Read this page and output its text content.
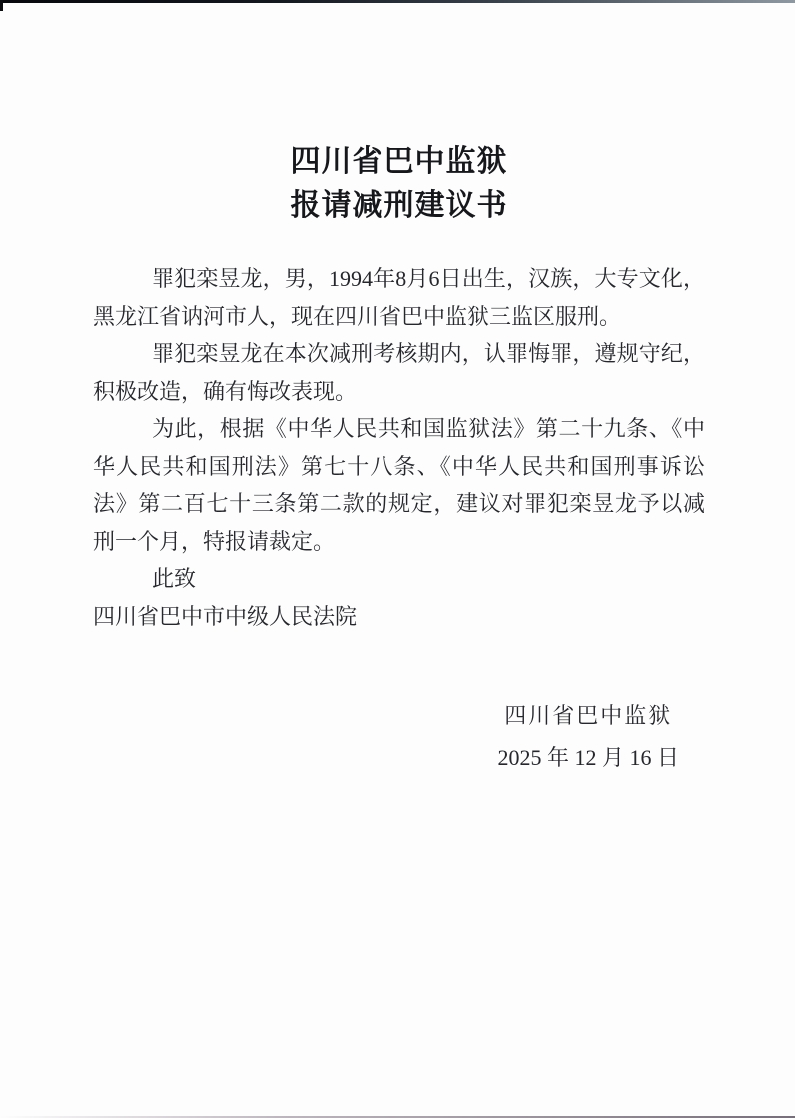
四川省巴中监狱
报请减刑建议书

罪犯栾昱龙，男，1994年8月6日出生，汉族，大专文化，黑龙江省讷河市人，现在四川省巴中监狱三监区服刑。

罪犯栾昱龙在本次减刑考核期内，认罪悔罪，遵规守纪，积极改造，确有悔改表现。

为此，根据《中华人民共和国监狱法》第二十九条、《中华人民共和国刑法》第七十八条、《中华人民共和国刑事诉讼法》第二百七十三条第二款的规定，建议对罪犯栾昱龙予以减刑一个月，特报请裁定。

此致

四川省巴中市中级人民法院

四川省巴中监狱
2025 年 12 月 16 日
